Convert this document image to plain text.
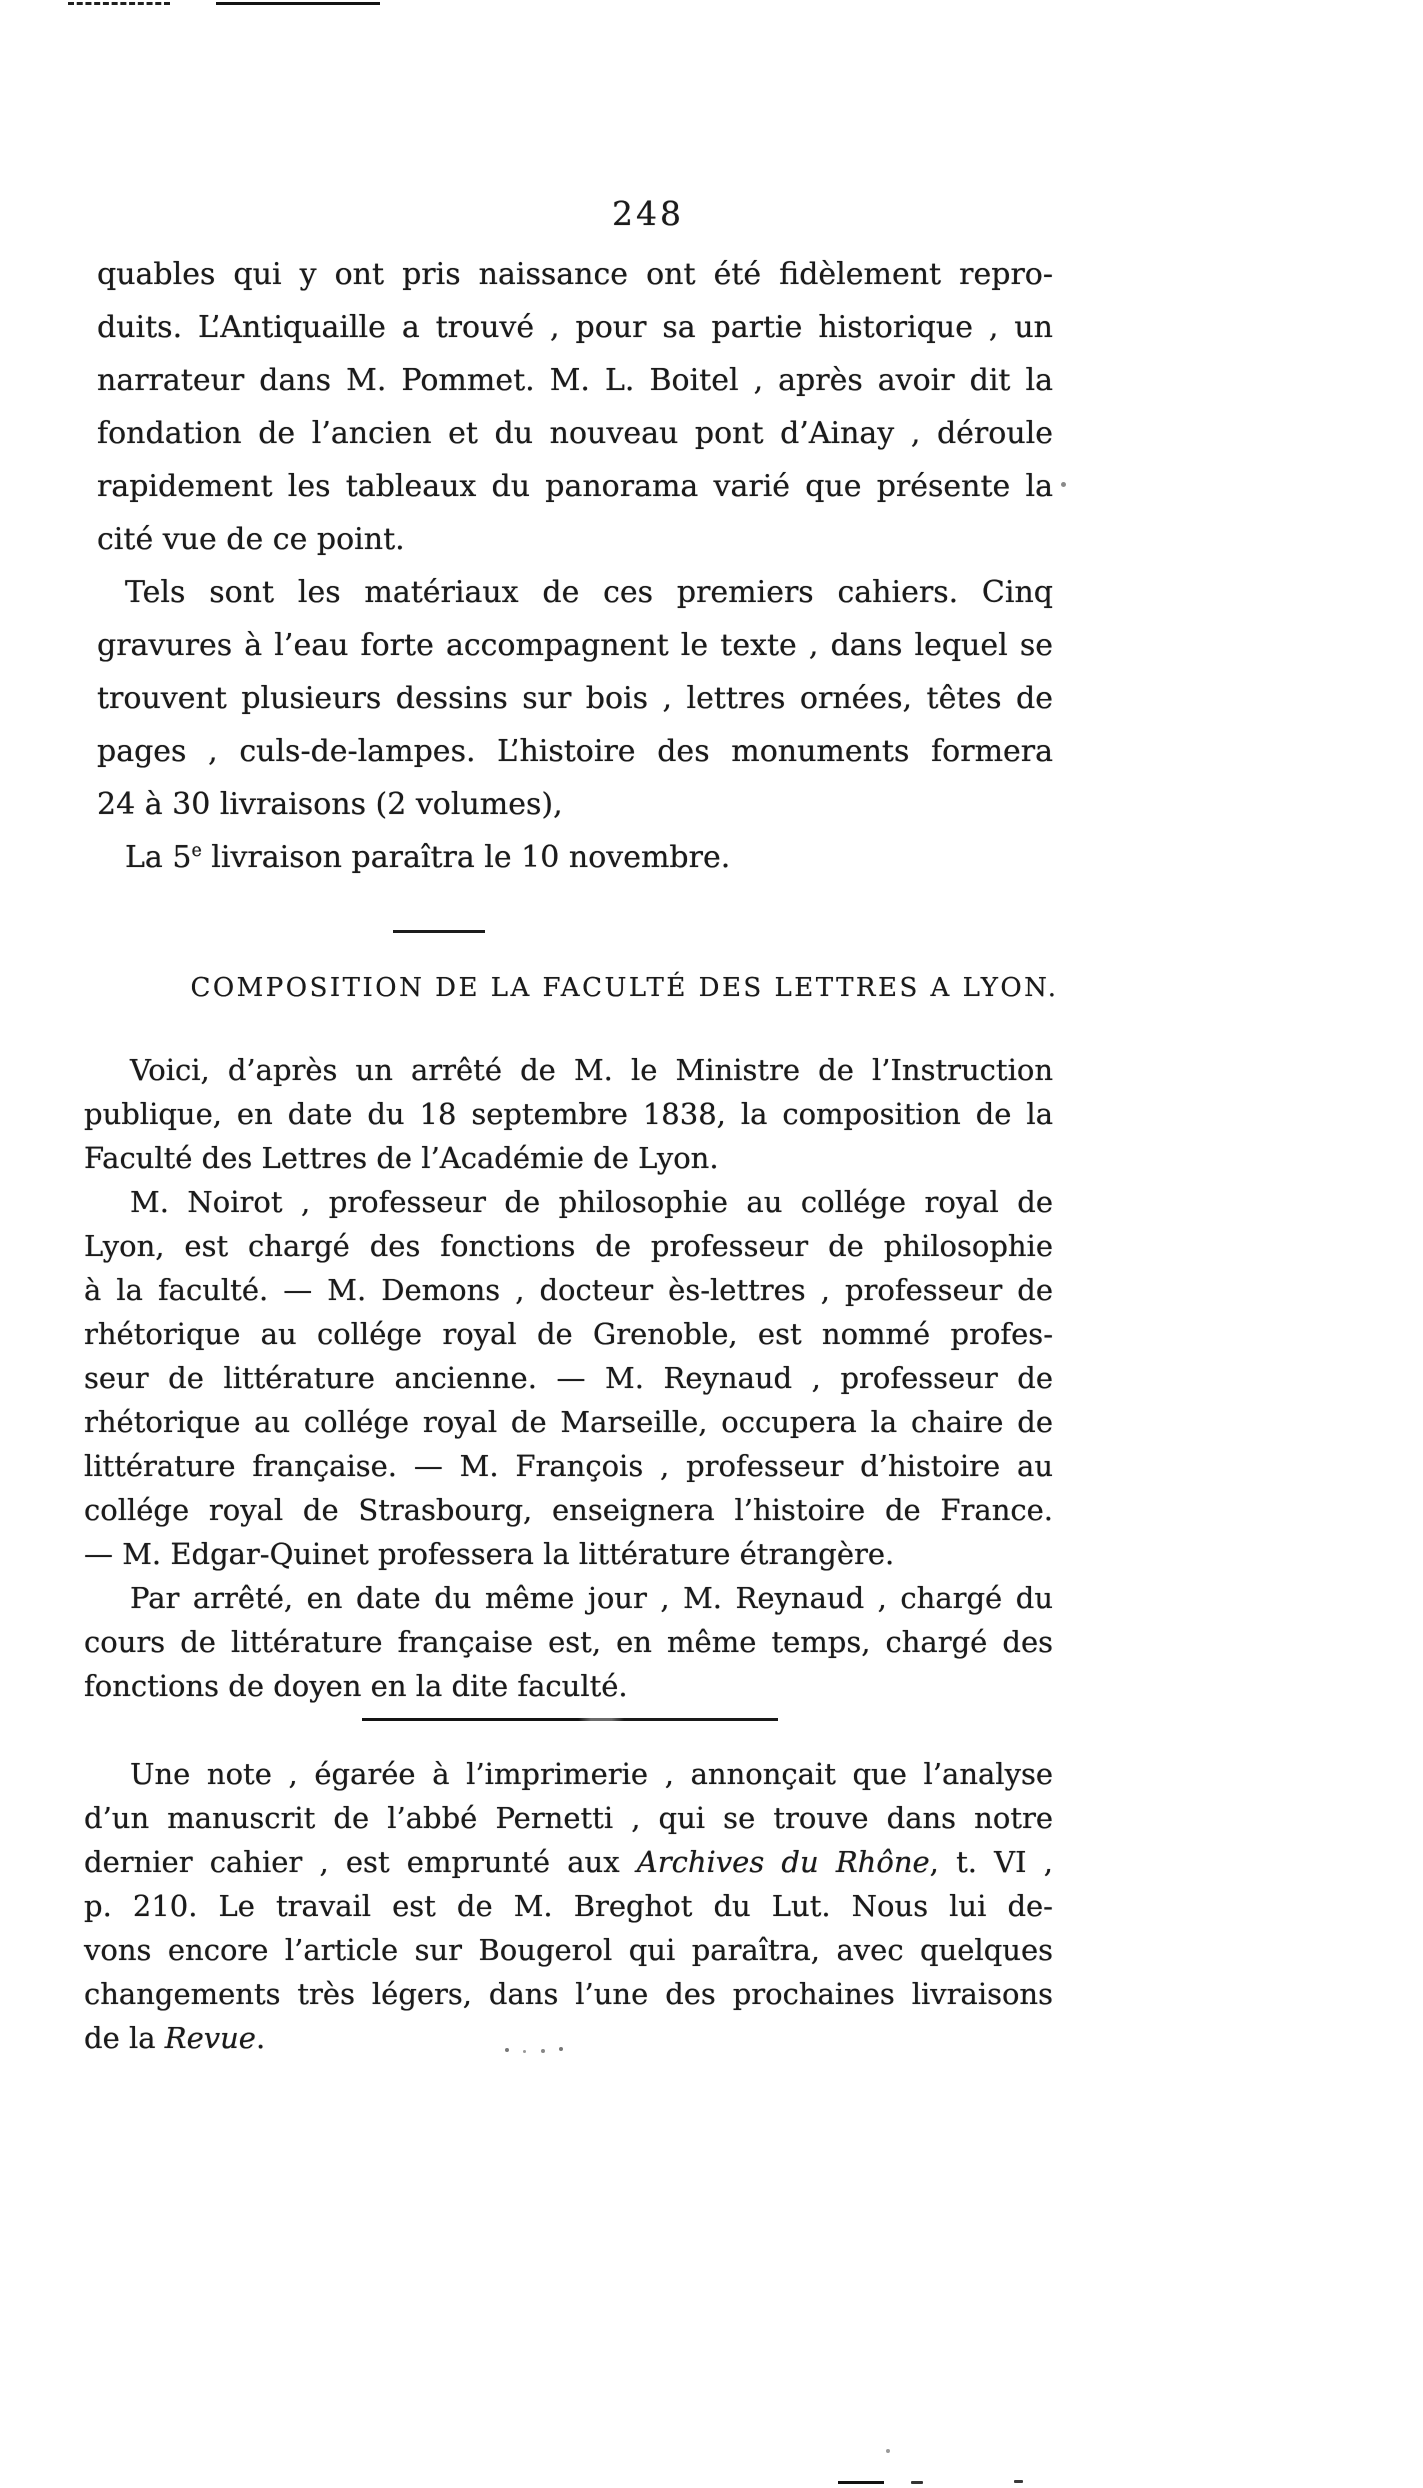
248
quables qui y ont pris naissance ont été fidèlement repro-
duits. L’Antiquaille a trouvé , pour sa partie historique , un
narrateur dans M. Pommet. M. L. Boitel , après avoir dit la
fondation de l’ancien et du nouveau pont d’Ainay , déroule
rapidement les tableaux du panorama varié que présente la
cité vue de ce point.
Tels sont les matériaux de ces premiers cahiers. Cinq
gravures à l’eau forte accompagnent le texte , dans lequel se
trouvent plusieurs dessins sur bois , lettres ornées, têtes de
pages , culs-de-lampes. L’histoire des monuments formera
24 à 30 livraisons (2 volumes),
La 5e livraison paraîtra le 10 novembre.
COMPOSITION DE LA FACULTÉ DES LETTRES A LYON.
Voici, d’après un arrêté de M. le Ministre de l’Instruction
publique, en date du 18 septembre 1838, la composition de la
Faculté des Lettres de l’Académie de Lyon.
M. Noirot , professeur de philosophie au collége royal de
Lyon, est chargé des fonctions de professeur de philosophie
à la faculté. — M. Demons , docteur ès-lettres , professeur de
rhétorique au collége royal de Grenoble, est nommé profes-
seur de littérature ancienne. — M. Reynaud , professeur de
rhétorique au collége royal de Marseille, occupera la chaire de
littérature française. — M. François , professeur d’histoire au
collége royal de Strasbourg, enseignera l’histoire de France.
— M. Edgar-Quinet professera la littérature étrangère.
Par arrêté, en date du même jour , M. Reynaud , chargé du
cours de littérature française est, en même temps, chargé des
fonctions de doyen en la dite faculté.
Une note , égarée à l’imprimerie , annonçait que l’analyse
d’un manuscrit de l’abbé Pernetti , qui se trouve dans notre
dernier cahier , est emprunté aux Archives du Rhône, t. VI ,
p. 210. Le travail est de M. Breghot du Lut. Nous lui de-
vons encore l’article sur Bougerol qui paraîtra, avec quelques
changements très légers, dans l’une des prochaines livraisons
de la Revue.
